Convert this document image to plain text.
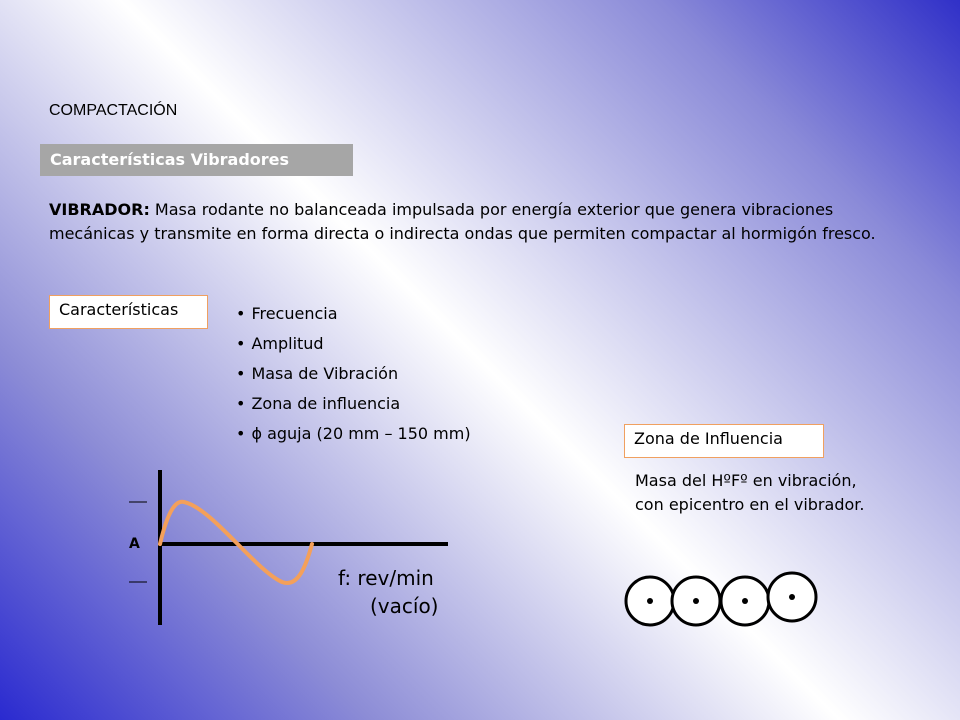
COMPACTACIÓN
Características Vibradores
VIBRADOR: Masa rodante no balanceada impulsada por energía exterior que genera vibraciones mecánicas y transmite en forma directa o indirecta ondas que permiten compactar al hormigón fresco.
Características	• Frecuencia
• Amplitud
• Masa de Vibración
• Zona de influencia
• ϕ aguja (20 mm – 150 mm)	Zona de Influencia
Masa del HºFº en vibración, con epicentro en el vibrador.
A
f: rev/min
(vacío)
